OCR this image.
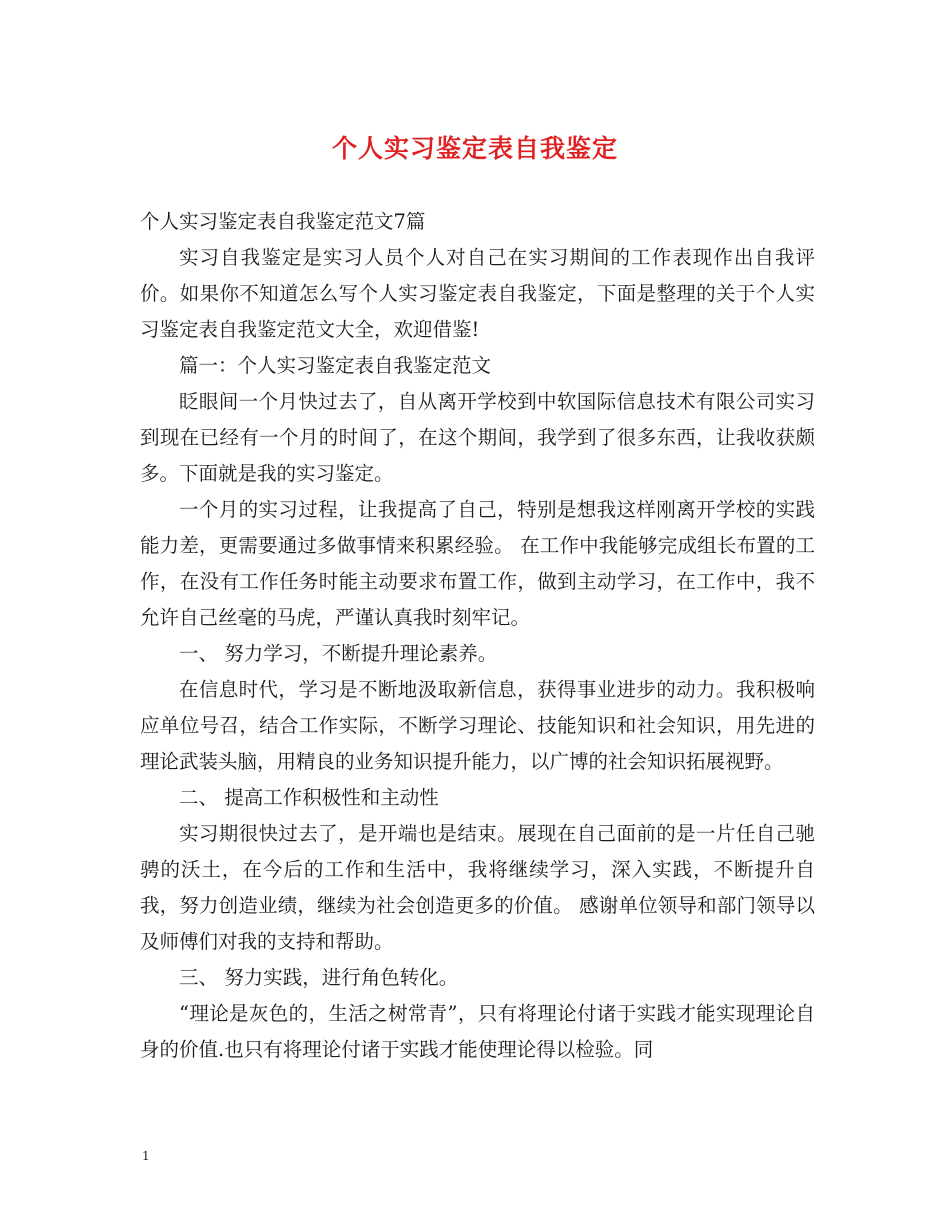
个人实习鉴定表自我鉴定

个人实习鉴定表自我鉴定范文7篇

实习自我鉴定是实习人员个人对自己在实习期间的工作表现作出自我评价。如果你不知道怎么写个人实习鉴定表自我鉴定，下面是整理的关于个人实习鉴定表自我鉴定范文大全，欢迎借鉴!

篇一：个人实习鉴定表自我鉴定范文

眨眼间一个月快过去了，自从离开学校到中软国际信息技术有限公司实习到现在已经有一个月的时间了，在这个期间，我学到了很多东西，让我收获颇多。下面就是我的实习鉴定。

一个月的实习过程，让我提高了自己，特别是想我这样刚离开学校的实践能力差，更需要通过多做事情来积累经验。 在工作中我能够完成组长布置的工作，在没有工作任务时能主动要求布置工作，做到主动学习，在工作中，我不允许自己丝毫的马虎，严谨认真我时刻牢记。

一、 努力学习，不断提升理论素养。

在信息时代，学习是不断地汲取新信息，获得事业进步的动力。我积极响应单位号召，结合工作实际，不断学习理论、技能知识和社会知识，用先进的理论武装头脑，用精良的业务知识提升能力，以广博的社会知识拓展视野。

二、 提高工作积极性和主动性

实习期很快过去了，是开端也是结束。展现在自己面前的是一片任自己驰骋的沃土，在今后的工作和生活中，我将继续学习，深入实践，不断提升自我，努力创造业绩，继续为社会创造更多的价值。 感谢单位领导和部门领导以及师傅们对我的支持和帮助。

三、 努力实践，进行角色转化。

“理论是灰色的，生活之树常青”，只有将理论付诸于实践才能实现理论自身的价值.也只有将理论付诸于实践才能使理论得以检验。同

1
